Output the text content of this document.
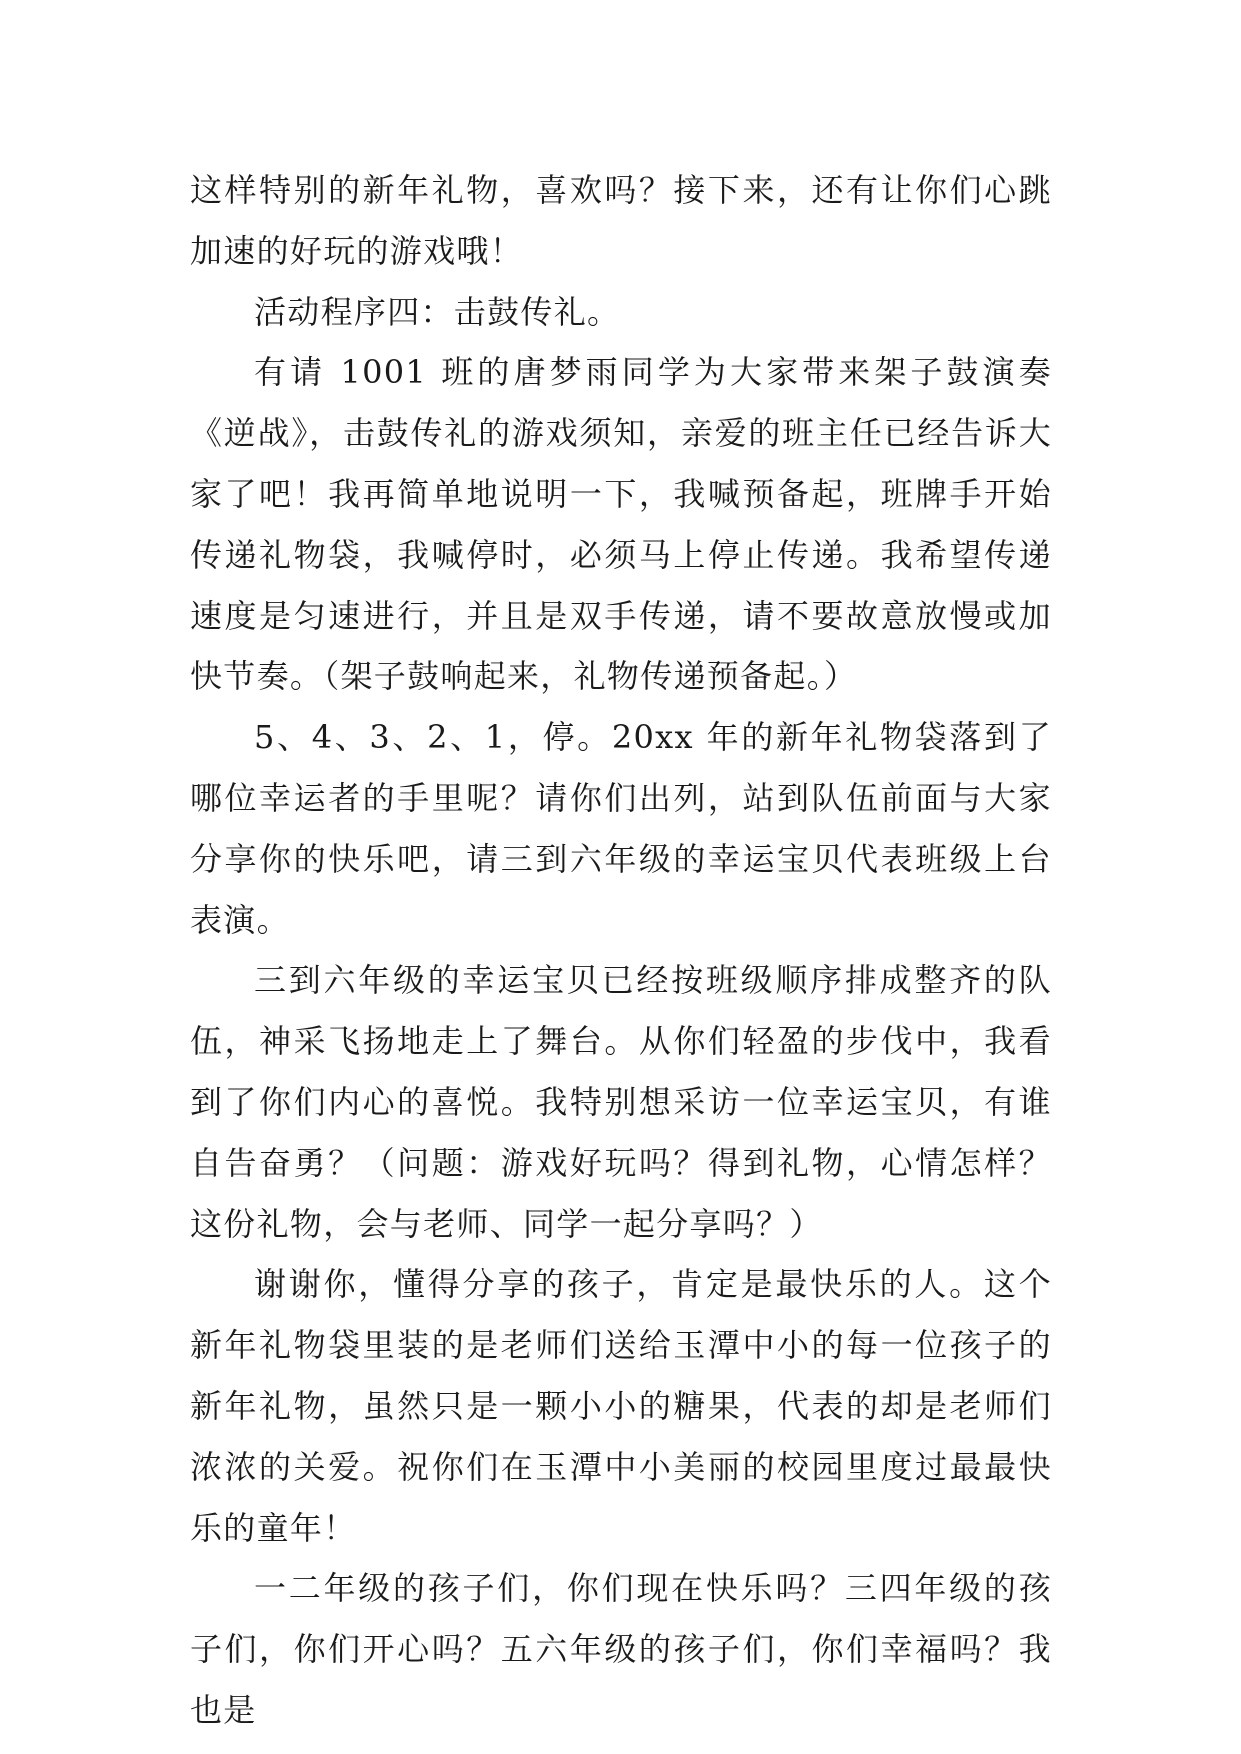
这样特别的新年礼物，喜欢吗？接下来，还有让你们心跳加速的好玩的游戏哦！

活动程序四：击鼓传礼。

有请 1001 班的唐梦雨同学为大家带来架子鼓演奏《逆战》，击鼓传礼的游戏须知，亲爱的班主任已经告诉大家了吧！我再简单地说明一下，我喊预备起，班牌手开始传递礼物袋，我喊停时，必须马上停止传递。我希望传递速度是匀速进行，并且是双手传递，请不要故意放慢或加快节奏。（架子鼓响起来，礼物传递预备起。）

5、4、3、2、1，停。20xx 年的新年礼物袋落到了哪位幸运者的手里呢？请你们出列，站到队伍前面与大家分享你的快乐吧，请三到六年级的幸运宝贝代表班级上台表演。

三到六年级的幸运宝贝已经按班级顺序排成整齐的队伍，神采飞扬地走上了舞台。从你们轻盈的步伐中，我看到了你们内心的喜悦。我特别想采访一位幸运宝贝，有谁自告奋勇？（问题：游戏好玩吗？得到礼物，心情怎样？这份礼物，会与老师、同学一起分享吗？）

谢谢你，懂得分享的孩子，肯定是最快乐的人。这个新年礼物袋里装的是老师们送给玉潭中小的每一位孩子的新年礼物，虽然只是一颗小小的糖果，代表的却是老师们浓浓的关爱。祝你们在玉潭中小美丽的校园里度过最最快乐的童年！

一二年级的孩子们，你们现在快乐吗？三四年级的孩子们，你们开心吗？五六年级的孩子们，你们幸福吗？我也是
